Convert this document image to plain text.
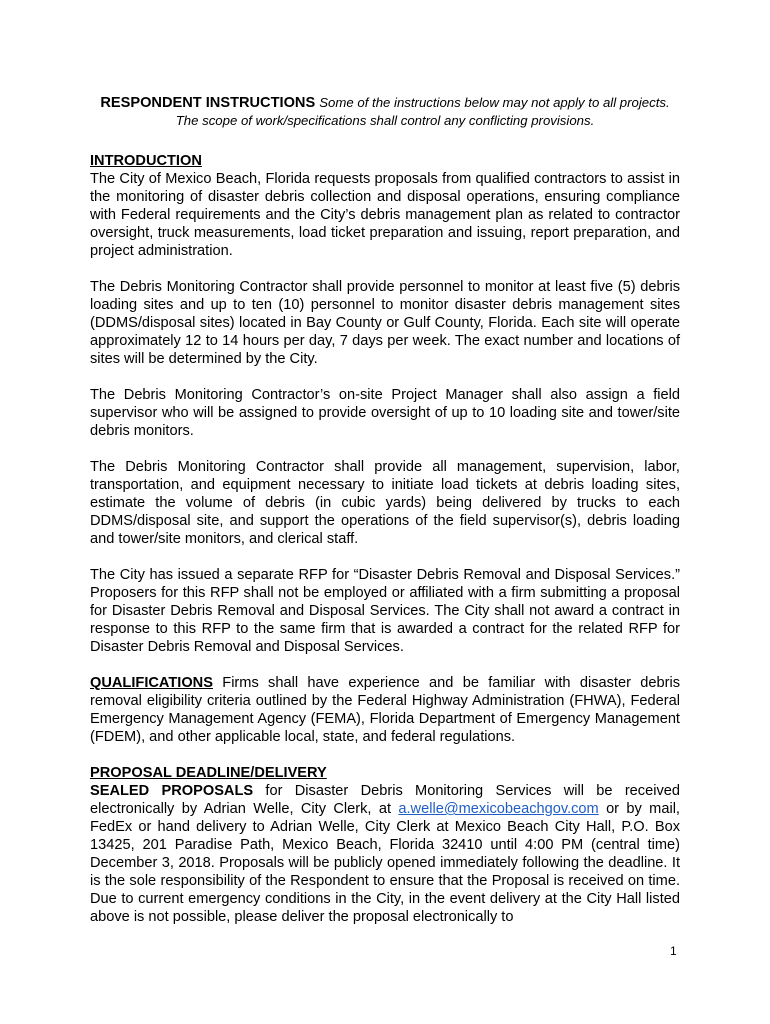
RESPONDENT INSTRUCTIONS Some of the instructions below may not apply to all projects. The scope of work/specifications shall control any conflicting provisions.
INTRODUCTION

The City of Mexico Beach, Florida requests proposals from qualified contractors to assist in the monitoring of disaster debris collection and disposal operations, ensuring compliance with Federal requirements and the City’s debris management plan as related to contractor oversight, truck measurements, load ticket preparation and issuing, report preparation, and project administration.

The Debris Monitoring Contractor shall provide personnel to monitor at least five (5) debris loading sites and up to ten (10) personnel to monitor disaster debris management sites (DDMS/disposal sites) located in Bay County or Gulf County, Florida. Each site will operate approximately 12 to 14 hours per day, 7 days per week. The exact number and locations of sites will be determined by the City.

The Debris Monitoring Contractor’s on-site Project Manager shall also assign a field supervisor who will be assigned to provide oversight of up to 10 loading site and tower/site debris monitors.

The Debris Monitoring Contractor shall provide all management, supervision, labor, transportation, and equipment necessary to initiate load tickets at debris loading sites, estimate the volume of debris (in cubic yards) being delivered by trucks to each DDMS/disposal site, and support the operations of the field supervisor(s), debris loading and tower/site monitors, and clerical staff.

The City has issued a separate RFP for “Disaster Debris Removal and Disposal Services.” Proposers for this RFP shall not be employed or affiliated with a firm submitting a proposal for Disaster Debris Removal and Disposal Services. The City shall not award a contract in response to this RFP to the same firm that is awarded a contract for the related RFP for Disaster Debris Removal and Disposal Services.

QUALIFICATIONS Firms shall have experience and be familiar with disaster debris removal eligibility criteria outlined by the Federal Highway Administration (FHWA), Federal Emergency Management Agency (FEMA), Florida Department of Emergency Management (FDEM), and other applicable local, state, and federal regulations.

PROPOSAL DEADLINE/DELIVERY
SEALED PROPOSALS for Disaster Debris Monitoring Services will be received electronically by Adrian Welle, City Clerk, at a.welle@mexicobeachgov.com or by mail, FedEx or hand delivery to Adrian Welle, City Clerk at Mexico Beach City Hall, P.O. Box 13425, 201 Paradise Path, Mexico Beach, Florida 32410 until 4:00 PM (central time) December 3, 2018. Proposals will be publicly opened immediately following the deadline. It is the sole responsibility of the Respondent to ensure that the Proposal is received on time. Due to current emergency conditions in the City, in the event delivery at the City Hall listed above is not possible, please deliver the proposal electronically to
1
